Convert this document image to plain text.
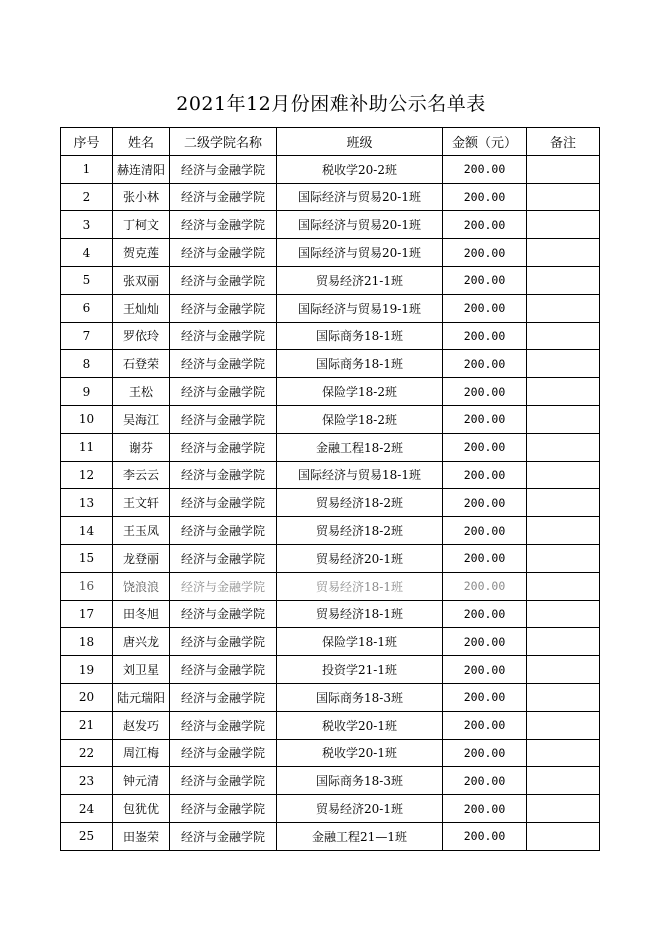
2021年12月份困难补助公示名单表
序号	姓名	二级学院名称	班级	金额（元）	备注
1	赫连清阳	经济与金融学院	税收学20-2班	200.00	
2	张小林	经济与金融学院	国际经济与贸易20-1班	200.00	
3	丁柯文	经济与金融学院	国际经济与贸易20-1班	200.00	
4	贺克莲	经济与金融学院	国际经济与贸易20-1班	200.00	
5	张双丽	经济与金融学院	贸易经济21-1班	200.00	
6	王灿灿	经济与金融学院	国际经济与贸易19-1班	200.00	
7	罗依玲	经济与金融学院	国际商务18-1班	200.00	
8	石登荣	经济与金融学院	国际商务18-1班	200.00	
9	王松	经济与金融学院	保险学18-2班	200.00	
10	吴海江	经济与金融学院	保险学18-2班	200.00	
11	谢芬	经济与金融学院	金融工程18-2班	200.00	
12	李云云	经济与金融学院	国际经济与贸易18-1班	200.00	
13	王文轩	经济与金融学院	贸易经济18-2班	200.00	
14	王玉凤	经济与金融学院	贸易经济18-2班	200.00	
15	龙登丽	经济与金融学院	贸易经济20-1班	200.00	
16	饶浪浪	经济与金融学院	贸易经济18-1班	200.00	
17	田冬旭	经济与金融学院	贸易经济18-1班	200.00	
18	唐兴龙	经济与金融学院	保险学18-1班	200.00	
19	刘卫星	经济与金融学院	投资学21-1班	200.00	
20	陆元瑞阳	经济与金融学院	国际商务18-3班	200.00	
21	赵发巧	经济与金融学院	税收学20-1班	200.00	
22	周江梅	经济与金融学院	税收学20-1班	200.00	
23	钟元清	经济与金融学院	国际商务18-3班	200.00	
24	包犹优	经济与金融学院	贸易经济20-1班	200.00	
25	田崟荣	经济与金融学院	金融工程21—1班	200.00	
